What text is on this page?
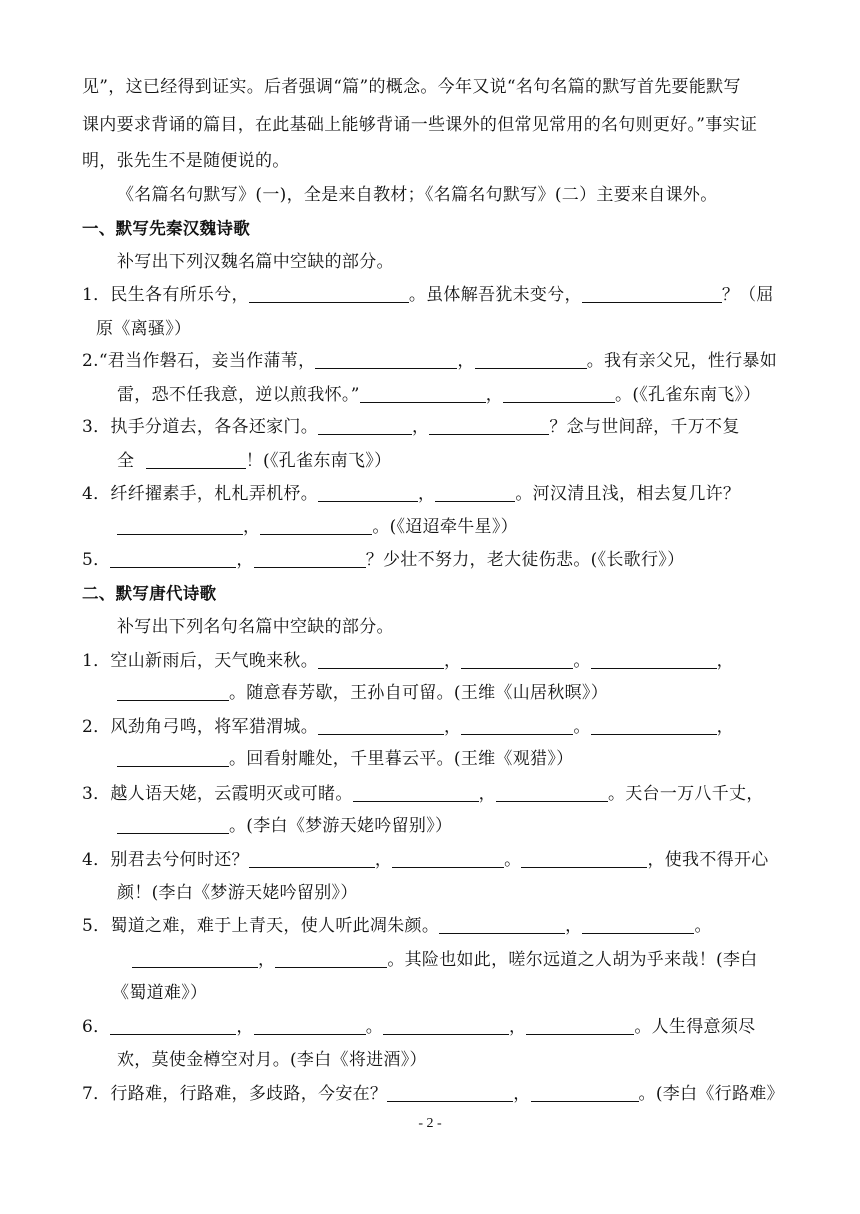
见”，这已经得到证实。后者强调“篇”的概念。今年又说“名句名篇的默写首先要能默写
课内要求背诵的篇目，在此基础上能够背诵一些课外的但常见常用的名句则更好。”事实证
明，张先生不是随便说的。
《名篇名句默写》(一)，全是来自教材；《名篇名句默写》(二）主要来自课外。
一、默写先秦汉魏诗歌
补写出下列汉魏名篇中空缺的部分。
1．民生各有所乐兮，	。虽体解吾犹未变兮，	？（屈
原《离骚》）
2.“君当作磐石，妾当作蒲苇，	，	。我有亲父兄，性行暴如
雷，恐不任我意，逆以煎我怀。”	，	。(《孔雀东南飞》）
3．执手分道去，各各还家门。	，	？念与世间辞，千万不复
全	！(《孔雀东南飞》）
4．纤纤擢素手，札札弄机杼。	，	。河汉清且浅，相去复几许？
，	。(《迢迢牵牛星》）
5．	，	？少壮不努力，老大徒伤悲。(《长歌行》）
二、默写唐代诗歌
补写出下列名句名篇中空缺的部分。
1．空山新雨后，天气晚来秋。	，	。	，
。随意春芳歇，王孙自可留。(王维《山居秋暝》）
2．风劲角弓鸣，将军猎渭城。	，	。	，
。回看射雕处，千里暮云平。(王维《观猎》）
3．越人语天姥，云霞明灭或可睹。	，	。天台一万八千丈，
。(李白《梦游天姥吟留别》）
4．别君去兮何时还？	，	。	，使我不得开心
颜！(李白《梦游天姥吟留别》）
5．蜀道之难，难于上青天，使人听此凋朱颜。	，	。
，	。其险也如此，嗟尔远道之人胡为乎来哉！(李白
《蜀道难》）
6．	，	。	，	。人生得意须尽
欢，莫使金樽空对月。(李白《将进酒》）
7．行路难，行路难，多歧路，今安在？	，	。(李白《行路难》
- 2 -
